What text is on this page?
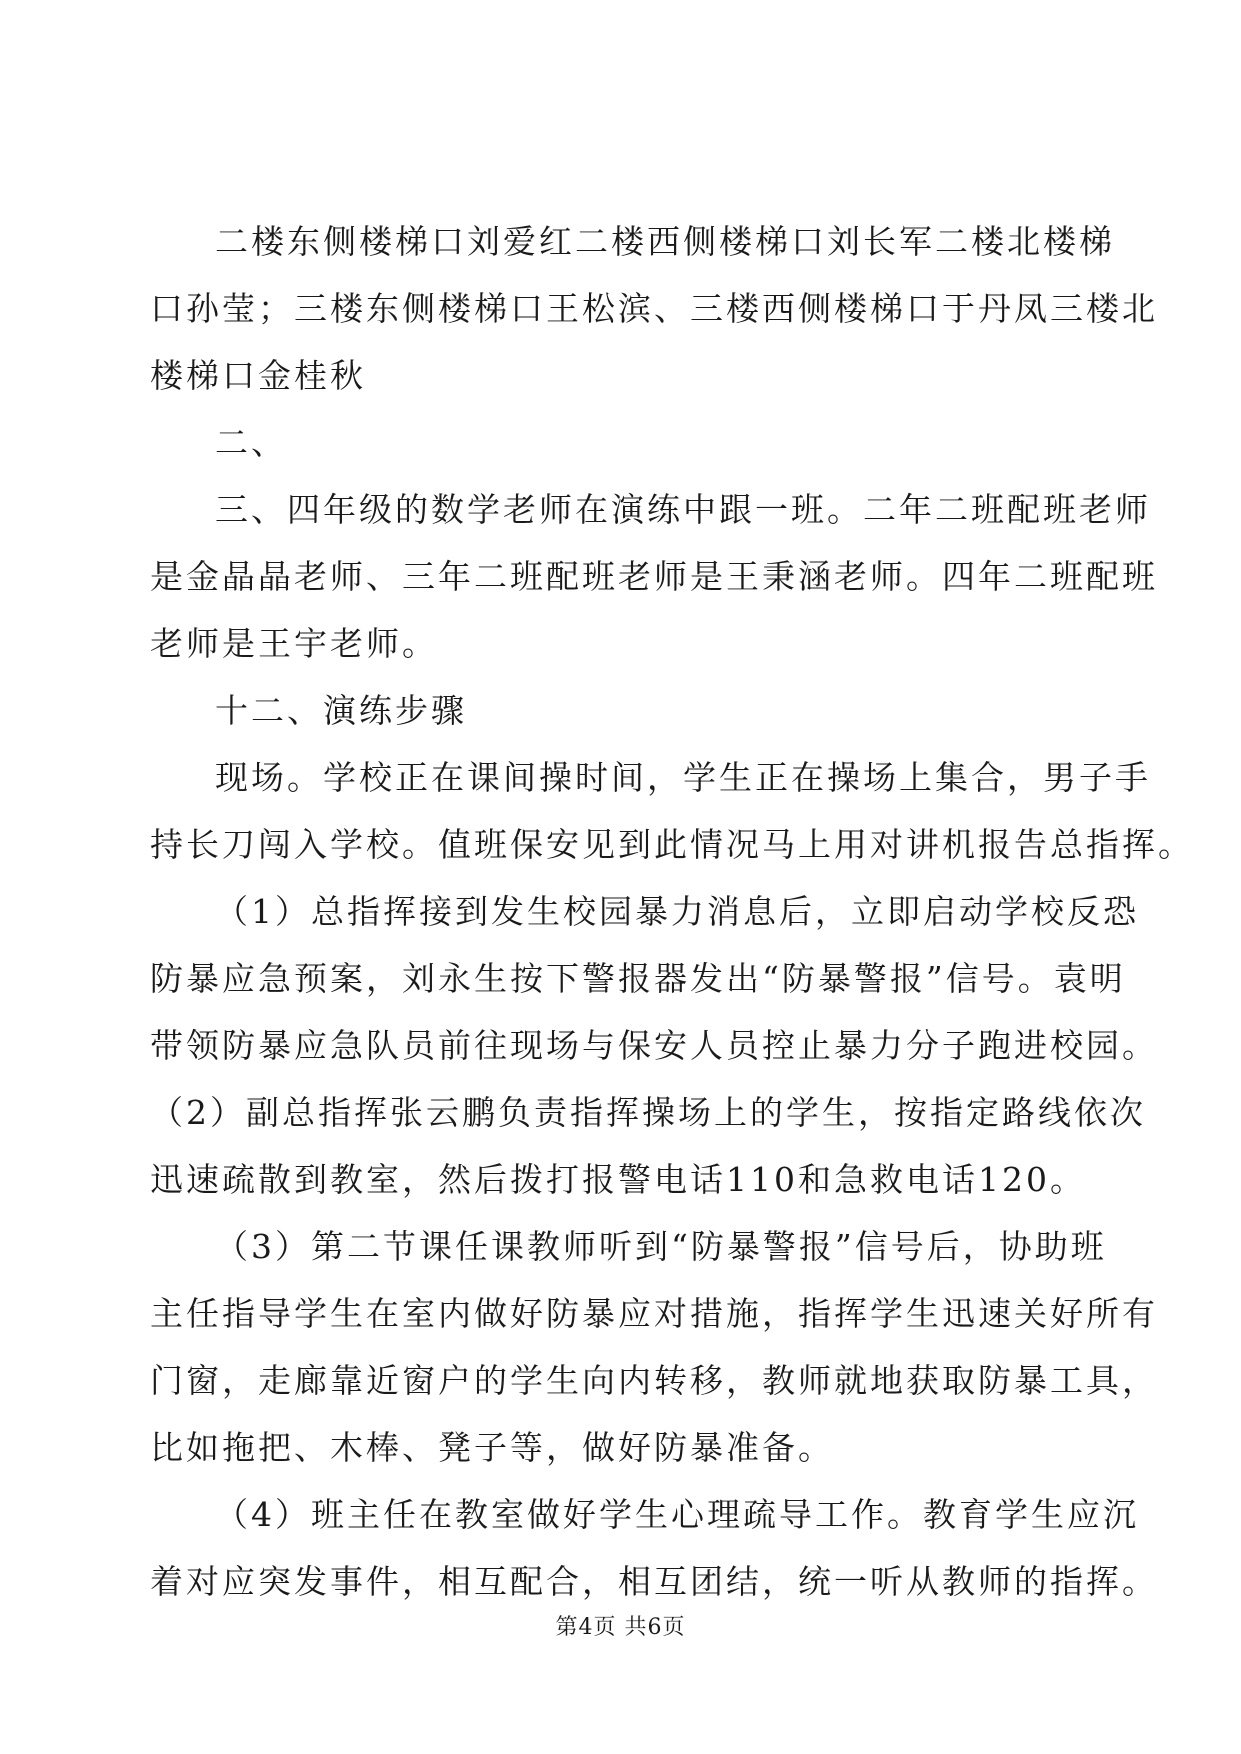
二楼东侧楼梯口刘爱红二楼西侧楼梯口刘长军二楼北楼梯
口孙莹；三楼东侧楼梯口王松滨、三楼西侧楼梯口于丹凤三楼北
楼梯口金桂秋
二、
三、四年级的数学老师在演练中跟一班。二年二班配班老师
是金晶晶老师、三年二班配班老师是王秉涵老师。四年二班配班
老师是王宇老师。
十二、演练步骤
现场。学校正在课间操时间，学生正在操场上集合，男子手
持长刀闯入学校。值班保安见到此情况马上用对讲机报告总指挥。
（1）总指挥接到发生校园暴力消息后，立即启动学校反恐
防暴应急预案，刘永生按下警报器发出“防暴警报”信号。袁明
带领防暴应急队员前往现场与保安人员控止暴力分子跑进校园。
（2）副总指挥张云鹏负责指挥操场上的学生，按指定路线依次
迅速疏散到教室，然后拨打报警电话110和急救电话120。
（3）第二节课任课教师听到“防暴警报”信号后，协助班
主任指导学生在室内做好防暴应对措施，指挥学生迅速关好所有
门窗，走廊靠近窗户的学生向内转移，教师就地获取防暴工具，
比如拖把、木棒、凳子等，做好防暴准备。
（4）班主任在教室做好学生心理疏导工作。教育学生应沉
着对应突发事件，相互配合，相互团结，统一听从教师的指挥。
第4页 共6页
